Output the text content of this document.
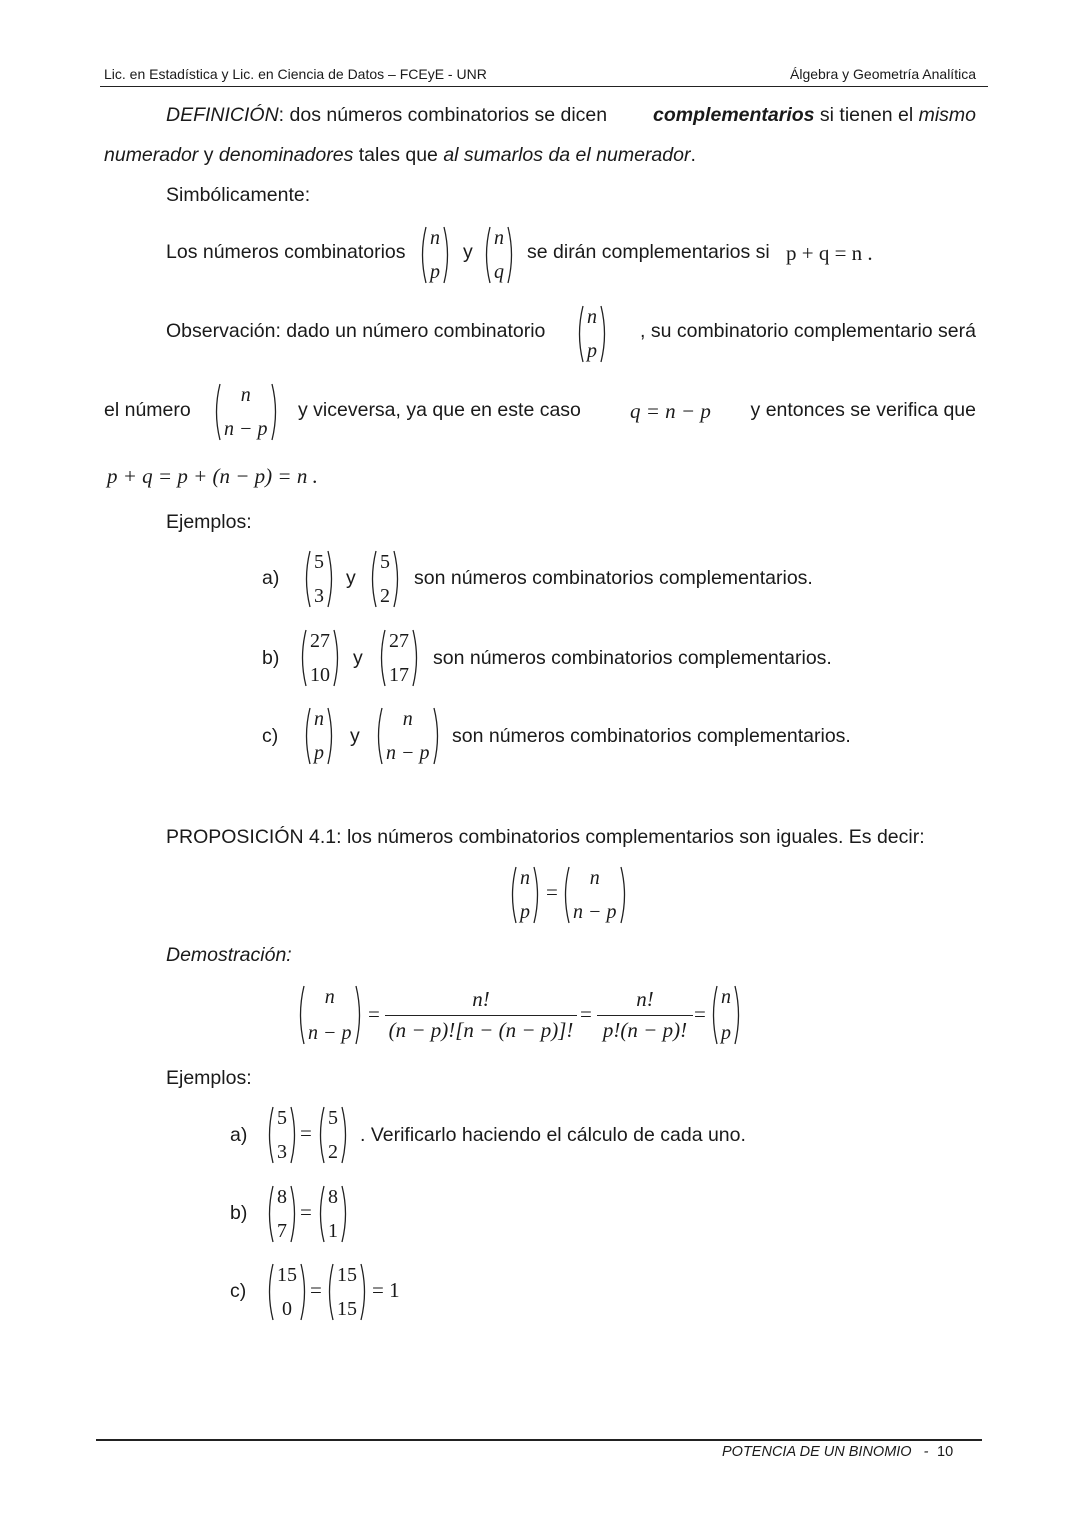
Lic. en Estadística y Lic. en Ciencia de Datos – FCEyE - UNR	Álgebra y Geometría Analítica
DEFINICIÓN : dos números combinatorios se dicen	complementarios si tienen el mismo
numerador y denominadores tales que al sumarlos da el numerador.
Simbólicamente:
Los números combinatorios
n
p
y
n
q
se dirán complementarios si p + q = n .
Observación: dado un número combinatorio
n
p
, su combinatorio complementario será
el número
n
n − p
y viceversa, ya que en este caso q = n − p y entonces se verifica que
p + q = p + (n − p) = n .
Ejemplos:
a)
5
3
y
5
2
son números combinatorios complementarios.
b)
27
10
y
27
17
son números combinatorios complementarios.
c)
n
p
y
n
n − p
son números combinatorios complementarios.
PROPOSICIÓN 4.1: los números combinatorios complementarios son iguales. Es decir:
n
p
=
n
n − p
Demostración:
n
n − p
=
n!
(n − p)![n − (n − p)]!
=
n!
p!(n − p)!
=
n
p
Ejemplos:
a)
5
3
=
5
2
. Verificarlo haciendo el cálculo de cada uno.
b)
8
7
=
8
1
c)
15
0
=
15
15
= 1
POTENCIA DE UN BINOMIO   - 10
